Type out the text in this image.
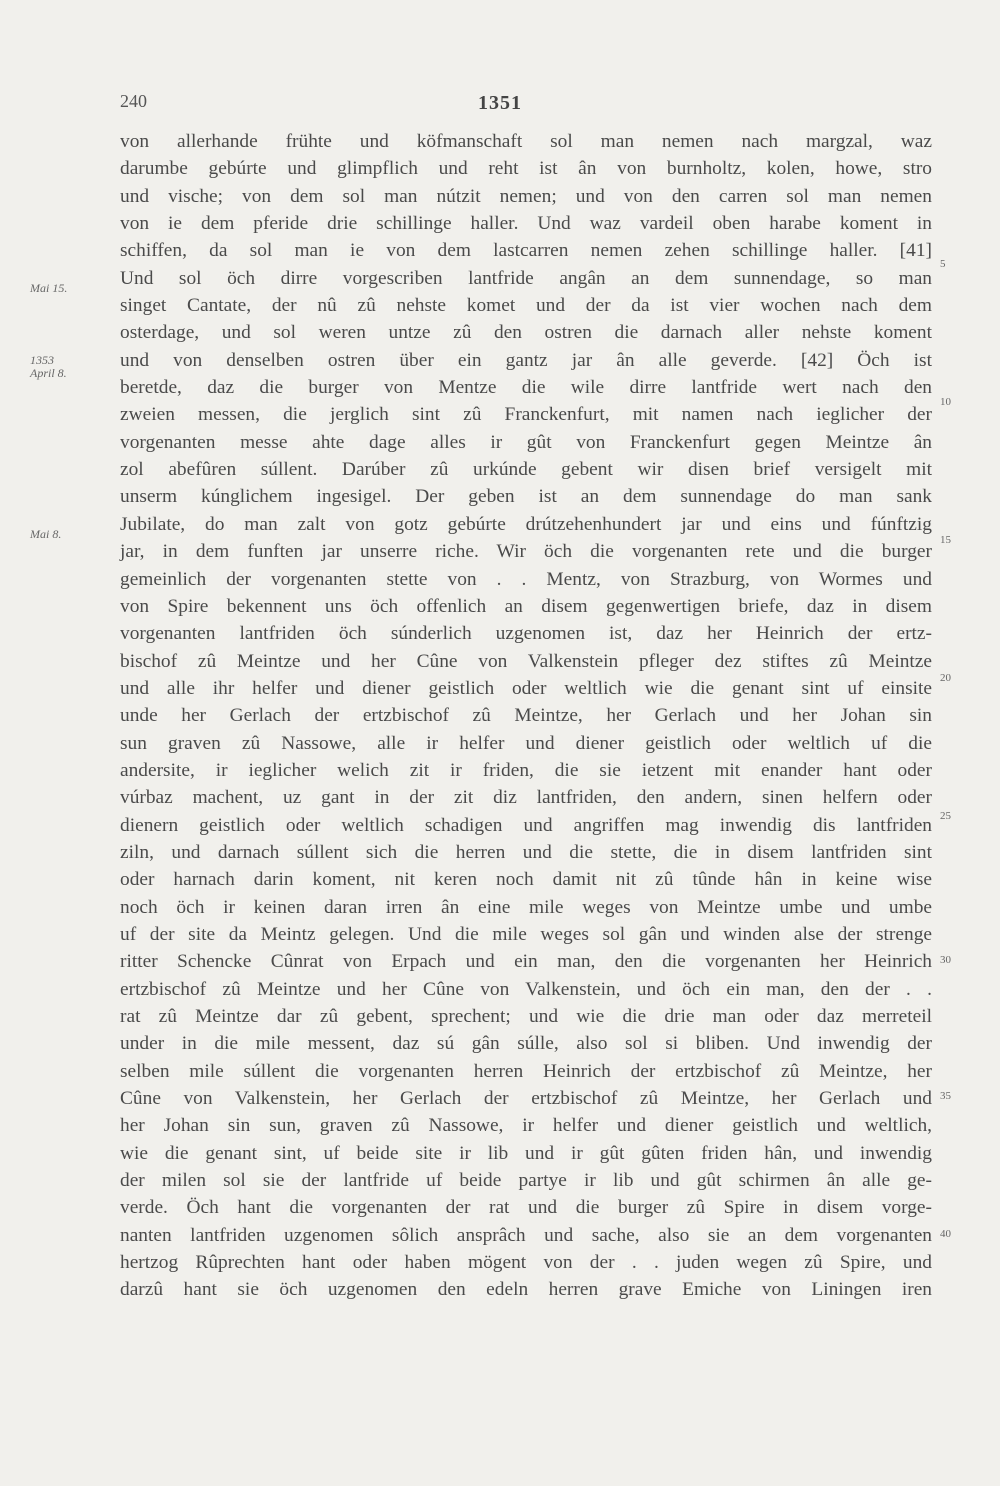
240	1351
Mai 15.
1353
April 8.
Mai 8.
5
10
15
20
25
30
35
40
von allerhande frühte und köfmanschaft sol man nemen nach margzal, waz
darumbe gebúrte und glimpflich und reht ist ân von burnholtz, kolen, howe, stro
und vische; von dem sol man nútzit nemen; und von den carren sol man nemen
von ie dem pferide drie schillinge haller. Und waz vardeil oben harabe koment in
schiffen, da sol man ie von dem lastcarren nemen zehen schillinge haller. [41]
Und sol öch dirre vorgescriben lantfride angân an dem sunnendage, so man
singet Cantate, der nû zû nehste komet und der da ist vier wochen nach dem
osterdage, und sol weren untze zû den ostren die darnach aller nehste koment
und von denselben ostren über ein gantz jar ân alle geverde. [42] Öch ist
beretde, daz die burger von Mentze die wile dirre lantfride wert nach den
zweien messen, die jerglich sint zû Franckenfurt, mit namen nach ieglicher der
vorgenanten messe ahte dage alles ir gût von Franckenfurt gegen Meintze ân
zol abefûren súllent. Darúber zû urkúnde gebent wir disen brief versigelt mit
unserm kúnglichem ingesigel. Der geben ist an dem sunnendage do man sank
Jubilate, do man zalt von gotz gebúrte drútzehenhundert jar und eins und fúnftzig
jar, in dem funften jar unserre riche. Wir öch die vorgenanten rete und die burger
gemeinlich der vorgenanten stette von . . Mentz, von Strazburg, von Wormes und
von Spire bekennent uns öch offenlich an disem gegenwertigen briefe, daz in disem
vorgenanten lantfriden öch súnderlich uzgenomen ist, daz her Heinrich der ertz-
bischof zû Meintze und her Cûne von Valkenstein pfleger dez stiftes zû Meintze
und alle ihr helfer und diener geistlich oder weltlich wie die genant sint uf einsite
unde her Gerlach der ertzbischof zû Meintze, her Gerlach und her Johan sin
sun graven zû Nassowe, alle ir helfer und diener geistlich oder weltlich uf die
andersite, ir ieglicher welich zit ir friden, die sie ietzent mit enander hant oder
vúrbaz machent, uz gant in der zit diz lantfriden, den andern, sinen helfern oder
dienern geistlich oder weltlich schadigen und angriffen mag inwendig dis lantfriden
ziln, und darnach súllent sich die herren und die stette, die in disem lantfriden sint
oder harnach darin koment, nit keren noch damit nit zû tûnde hân in keine wise
noch öch ir keinen daran irren ân eine mile weges von Meintze umbe und umbe
uf der site da Meintz gelegen. Und die mile weges sol gân und winden alse der strenge
ritter Schencke Cûnrat von Erpach und ein man, den die vorgenanten her Heinrich
ertzbischof zû Meintze und her Cûne von Valkenstein, und öch ein man, den der . .
rat zû Meintze dar zû gebent, sprechent; und wie die drie man oder daz merreteil
under in die mile messent, daz sú gân súlle, also sol si bliben. Und inwendig der
selben mile súllent die vorgenanten herren Heinrich der ertzbischof zû Meintze, her
Cûne von Valkenstein, her Gerlach der ertzbischof zû Meintze, her Gerlach und
her Johan sin sun, graven zû Nassowe, ir helfer und diener geistlich und weltlich,
wie die genant sint, uf beide site ir lib und ir gût gûten friden hân, und inwendig
der milen sol sie der lantfride uf beide partye ir lib und gût schirmen ân alle ge-
verde. Öch hant die vorgenanten der rat und die burger zû Spire in disem vorge-
nanten lantfriden uzgenomen sôlich ansprâch und sache, also sie an dem vorgenanten
hertzog Rûprechten hant oder haben mögent von der . . juden wegen zû Spire, und
darzû hant sie öch uzgenomen den edeln herren grave Emiche von Liningen iren
